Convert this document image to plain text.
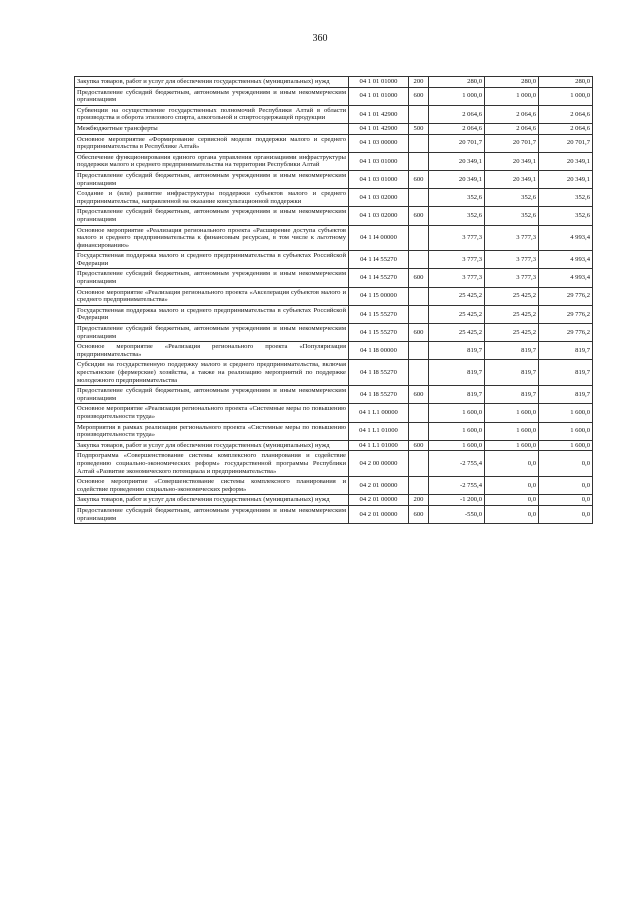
360
Закупка товаров, работ и услуг для обеспечения государственных (муниципальных) нужд	04 1 01 01000	200	280,0	280,0	280,0
Предоставление субсидий бюджетным, автономным учреждениям и иным некоммерческим организациям	04 1 01 01000	600	1 000,0	1 000,0	1 000,0
Субвенции на осуществление государственных полномочий Республики Алтай в области производства и оборота этилового спирта, алкогольной и спиртосодержащей продукции	04 1 01 42900		2 064,6	2 064,6	2 064,6
Межбюджетные трансферты	04 1 01 42900	500	2 064,6	2 064,6	2 064,6
Основное мероприятие «Формирование сервисной модели поддержки малого и среднего предпринимательства в Республике Алтай»	04 1 03 00000		20 701,7	20 701,7	20 701,7
Обеспечение функционирования единого органа управления организациями инфраструктуры поддержки малого и среднего предпринимательства на территории Республики Алтай	04 1 03 01000		20 349,1	20 349,1	20 349,1
Предоставление субсидий бюджетным, автономным учреждениям и иным некоммерческим организациям	04 1 03 01000	600	20 349,1	20 349,1	20 349,1
Создание и (или) развитие инфраструктуры поддержки субъектов малого и среднего предпринимательства, направленной на оказание консультационной поддержки	04 1 03 02000		352,6	352,6	352,6
Предоставление субсидий бюджетным, автономным учреждениям и иным некоммерческим организациям	04 1 03 02000	600	352,6	352,6	352,6
Основное мероприятие «Реализация регионального проекта «Расширение доступа субъектов малого и среднего предпринимательства к финансовым ресурсам, в том числе к льготному финансированию»	04 1 I4 00000		3 777,3	3 777,3	4 993,4
Государственная поддержка малого и среднего предпринимательства в субъектах Российской Федерации	04 1 I4 55270		3 777,3	3 777,3	4 993,4
Предоставление субсидий бюджетным, автономным учреждениям и иным некоммерческим организациям	04 1 I4 55270	600	3 777,3	3 777,3	4 993,4
Основное мероприятие «Реализация регионального проекта «Акселерация субъектов малого и среднего предпринимательства»	04 1 I5 00000		25 425,2	25 425,2	29 776,2
Государственная поддержка малого и среднего предпринимательства в субъектах Российской Федерации	04 1 I5 55270		25 425,2	25 425,2	29 776,2
Предоставление субсидий бюджетным, автономным учреждениям и иным некоммерческим организациям	04 1 I5 55270	600	25 425,2	25 425,2	29 776,2
Основное мероприятие «Реализация регионального проекта «Популяризация предпринимательства»	04 1 I8 00000		819,7	819,7	819,7
Субсидии на государственную поддержку малого и среднего предпринимательства, включая крестьянские (фермерские) хозяйства, а также на реализацию мероприятий по поддержке молодежного предпринимательства	04 1 I8 55270		819,7	819,7	819,7
Предоставление субсидий бюджетным, автономным учреждениям и иным некоммерческим организациям	04 1 I8 55270	600	819,7	819,7	819,7
Основное мероприятие «Реализация регионального проекта «Системные меры по повышению производительности труда»	04 1 L1 00000		1 600,0	1 600,0	1 600,0
Мероприятия в рамках реализации регионального проекта «Системные меры по повышению производительности труда»	04 1 L1 01000		1 600,0	1 600,0	1 600,0
Закупка товаров, работ и услуг для обеспечения государственных (муниципальных) нужд	04 1 L1 01000	600	1 600,0	1 600,0	1 600,0
Подпрограмма «Совершенствование системы комплексного планирования и содействие проведению социально-экономических реформ» государственной программы Республики Алтай «Развитие экономического потенциала и предпринимательства»	04 2 00 00000		-2 755,4	0,0	0,0
Основное мероприятие «Совершенствование системы комплексного планирования и содействие проведению социально-экономических реформ»	04 2 01 00000		-2 755,4	0,0	0,0
Закупка товаров, работ и услуг для обеспечения государственных (муниципальных) нужд	04 2 01 00000	200	-1 200,0	0,0	0,0
Предоставление субсидий бюджетным, автономным учреждениям и иным некоммерческим организациям	04 2 01 00000	600	-550,0	0,0	0,0
